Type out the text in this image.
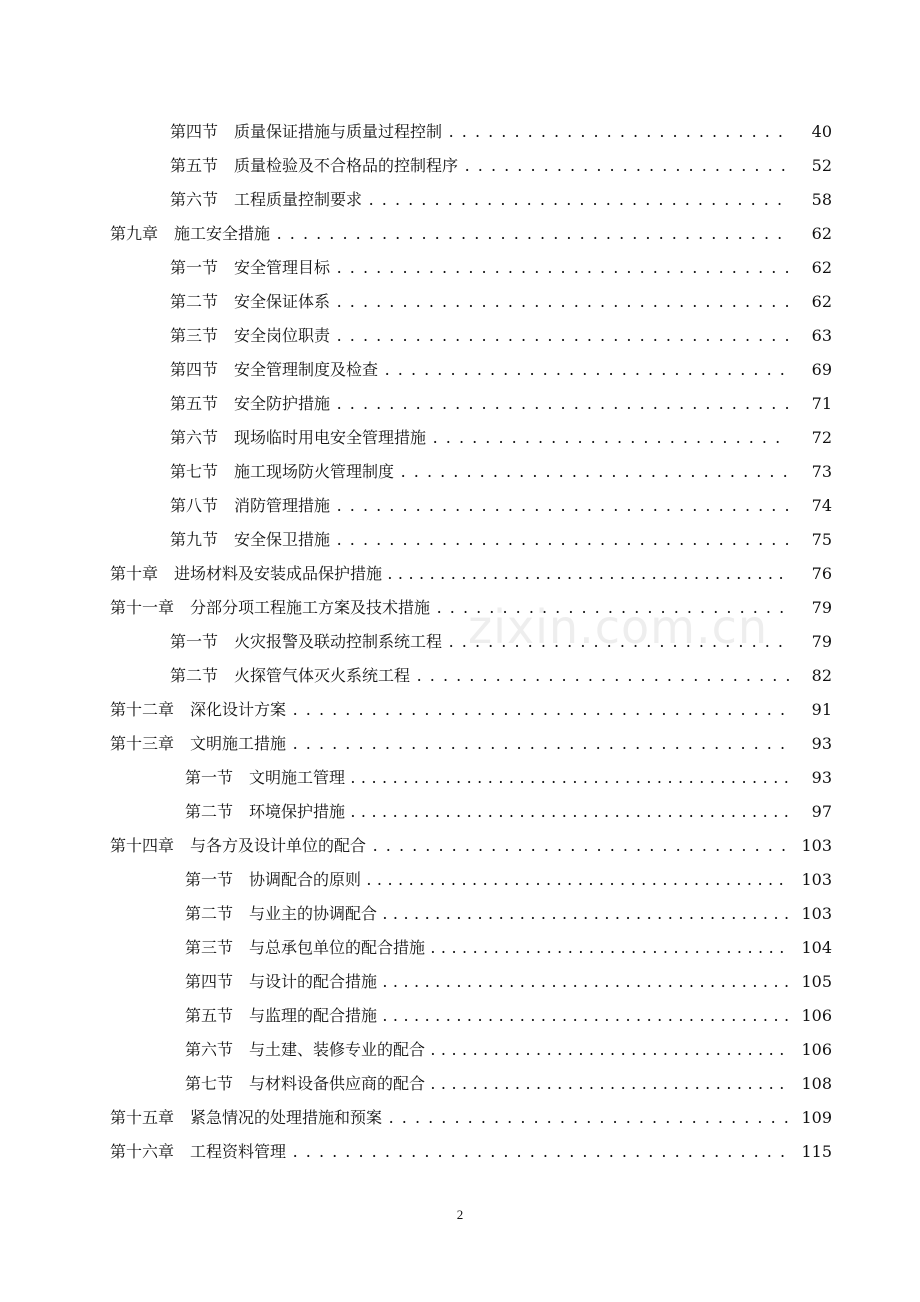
第四节 质量保证措施与质量过程控制 . . .	40
第五节 质量检验及不合格品的控制程序 . . .	52
第六节 工程质量控制要求 . . .	58
第九章 施工安全措施 . . .	62
第一节 安全管理目标 . . .	62
第二节 安全保证体系 . . .	62
第三节 安全岗位职责 . . .	63
第四节 安全管理制度及检查 . . .	69
第五节 安全防护措施 . . .	71
第六节 现场临时用电安全管理措施 . . .	72
第七节 施工现场防火管理制度 . . .	73
第八节 消防管理措施 . . .	74
第九节 安全保卫措施 . . .	75
第十章 进场材料及安装成品保护措施 . . .	76
第十一章 分部分项工程施工方案及技术措施 . . .	79
第一节 火灾报警及联动控制系统工程 . . .	79
第二节 火探管气体灭火系统工程 . . .	82
第十二章 深化设计方案 . . .	91
第十三章 文明施工措施 . . .	93
第一节 文明施工管理 . . .	93
第二节 环境保护措施 . . .	97
第十四章 与各方及设计单位的配合 . . .	103
第一节 协调配合的原则 . . .	103
第二节 与业主的协调配合 . . .	103
第三节 与总承包单位的配合措施 . . .	104
第四节 与设计的配合措施 . . .	105
第五节 与监理的配合措施 . . .	106
第六节 与土建、装修专业的配合 . . .	106
第七节 与材料设备供应商的配合 . . .	108
第十五章 紧急情况的处理措施和预案 . . .	109
第十六章 工程资料管理 . . .	115
zixin.com.cn
2
